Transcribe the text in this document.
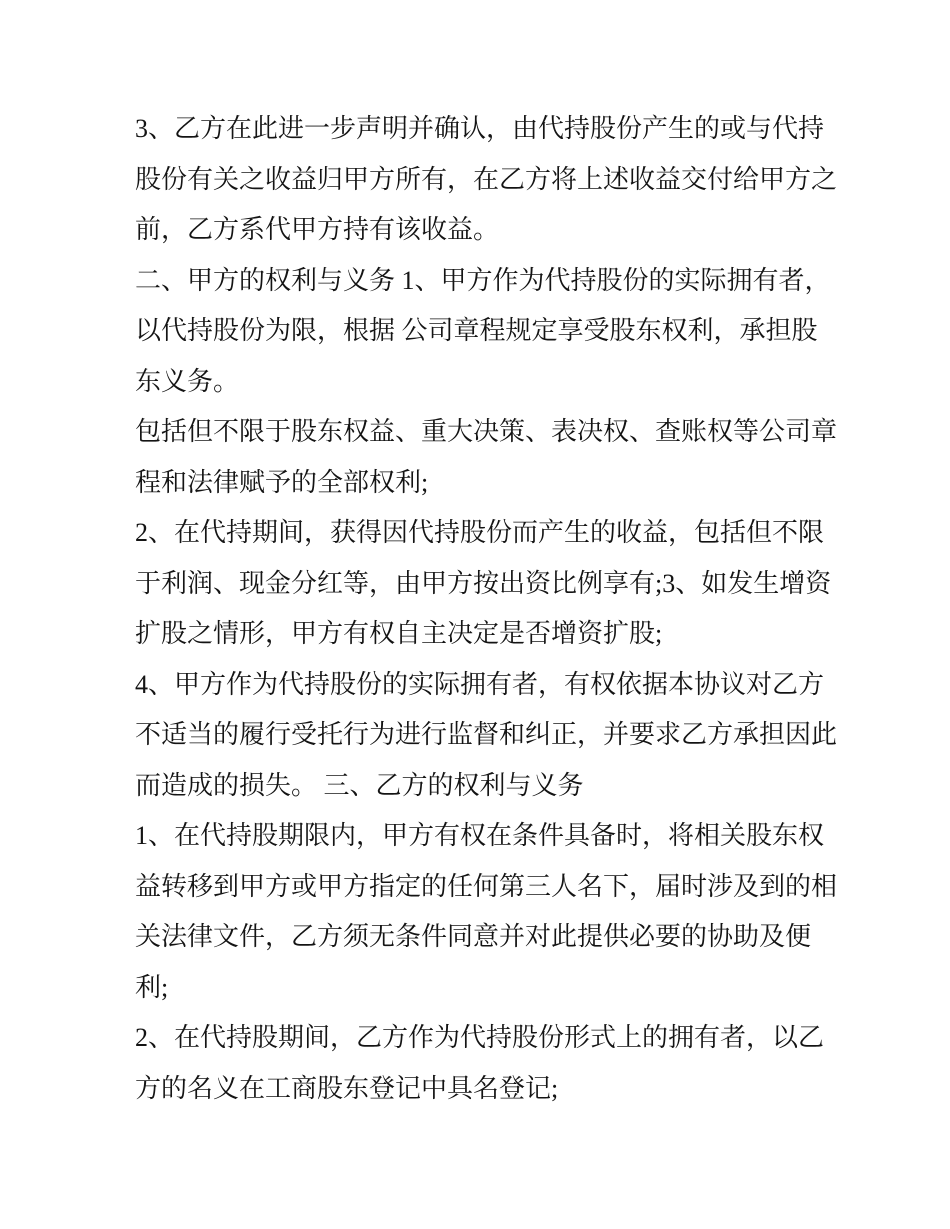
3、乙方在此进一步声明并确认，由代持股份产生的或与代持
股份有关之收益归甲方所有，在乙方将上述收益交付给甲方之
前，乙方系代甲方持有该收益。
二、甲方的权利与义务 1、甲方作为代持股份的实际拥有者，
以代持股份为限，根据 公司章程规定享受股东权利，承担股
东义务。
包括但不限于股东权益、重大决策、表决权、查账权等公司章
程和法律赋予的全部权利;
2、在代持期间，获得因代持股份而产生的收益，包括但不限
于利润、现金分红等，由甲方按出资比例享有;3、如发生增资
扩股之情形，甲方有权自主决定是否增资扩股;
4、甲方作为代持股份的实际拥有者，有权依据本协议对乙方
不适当的履行受托行为进行监督和纠正，并要求乙方承担因此
而造成的损失。 三、乙方的权利与义务
1、在代持股期限内，甲方有权在条件具备时，将相关股东权
益转移到甲方或甲方指定的任何第三人名下，届时涉及到的相
关法律文件，乙方须无条件同意并对此提供必要的协助及便
利;
2、在代持股期间，乙方作为代持股份形式上的拥有者，以乙
方的名义在工商股东登记中具名登记;
